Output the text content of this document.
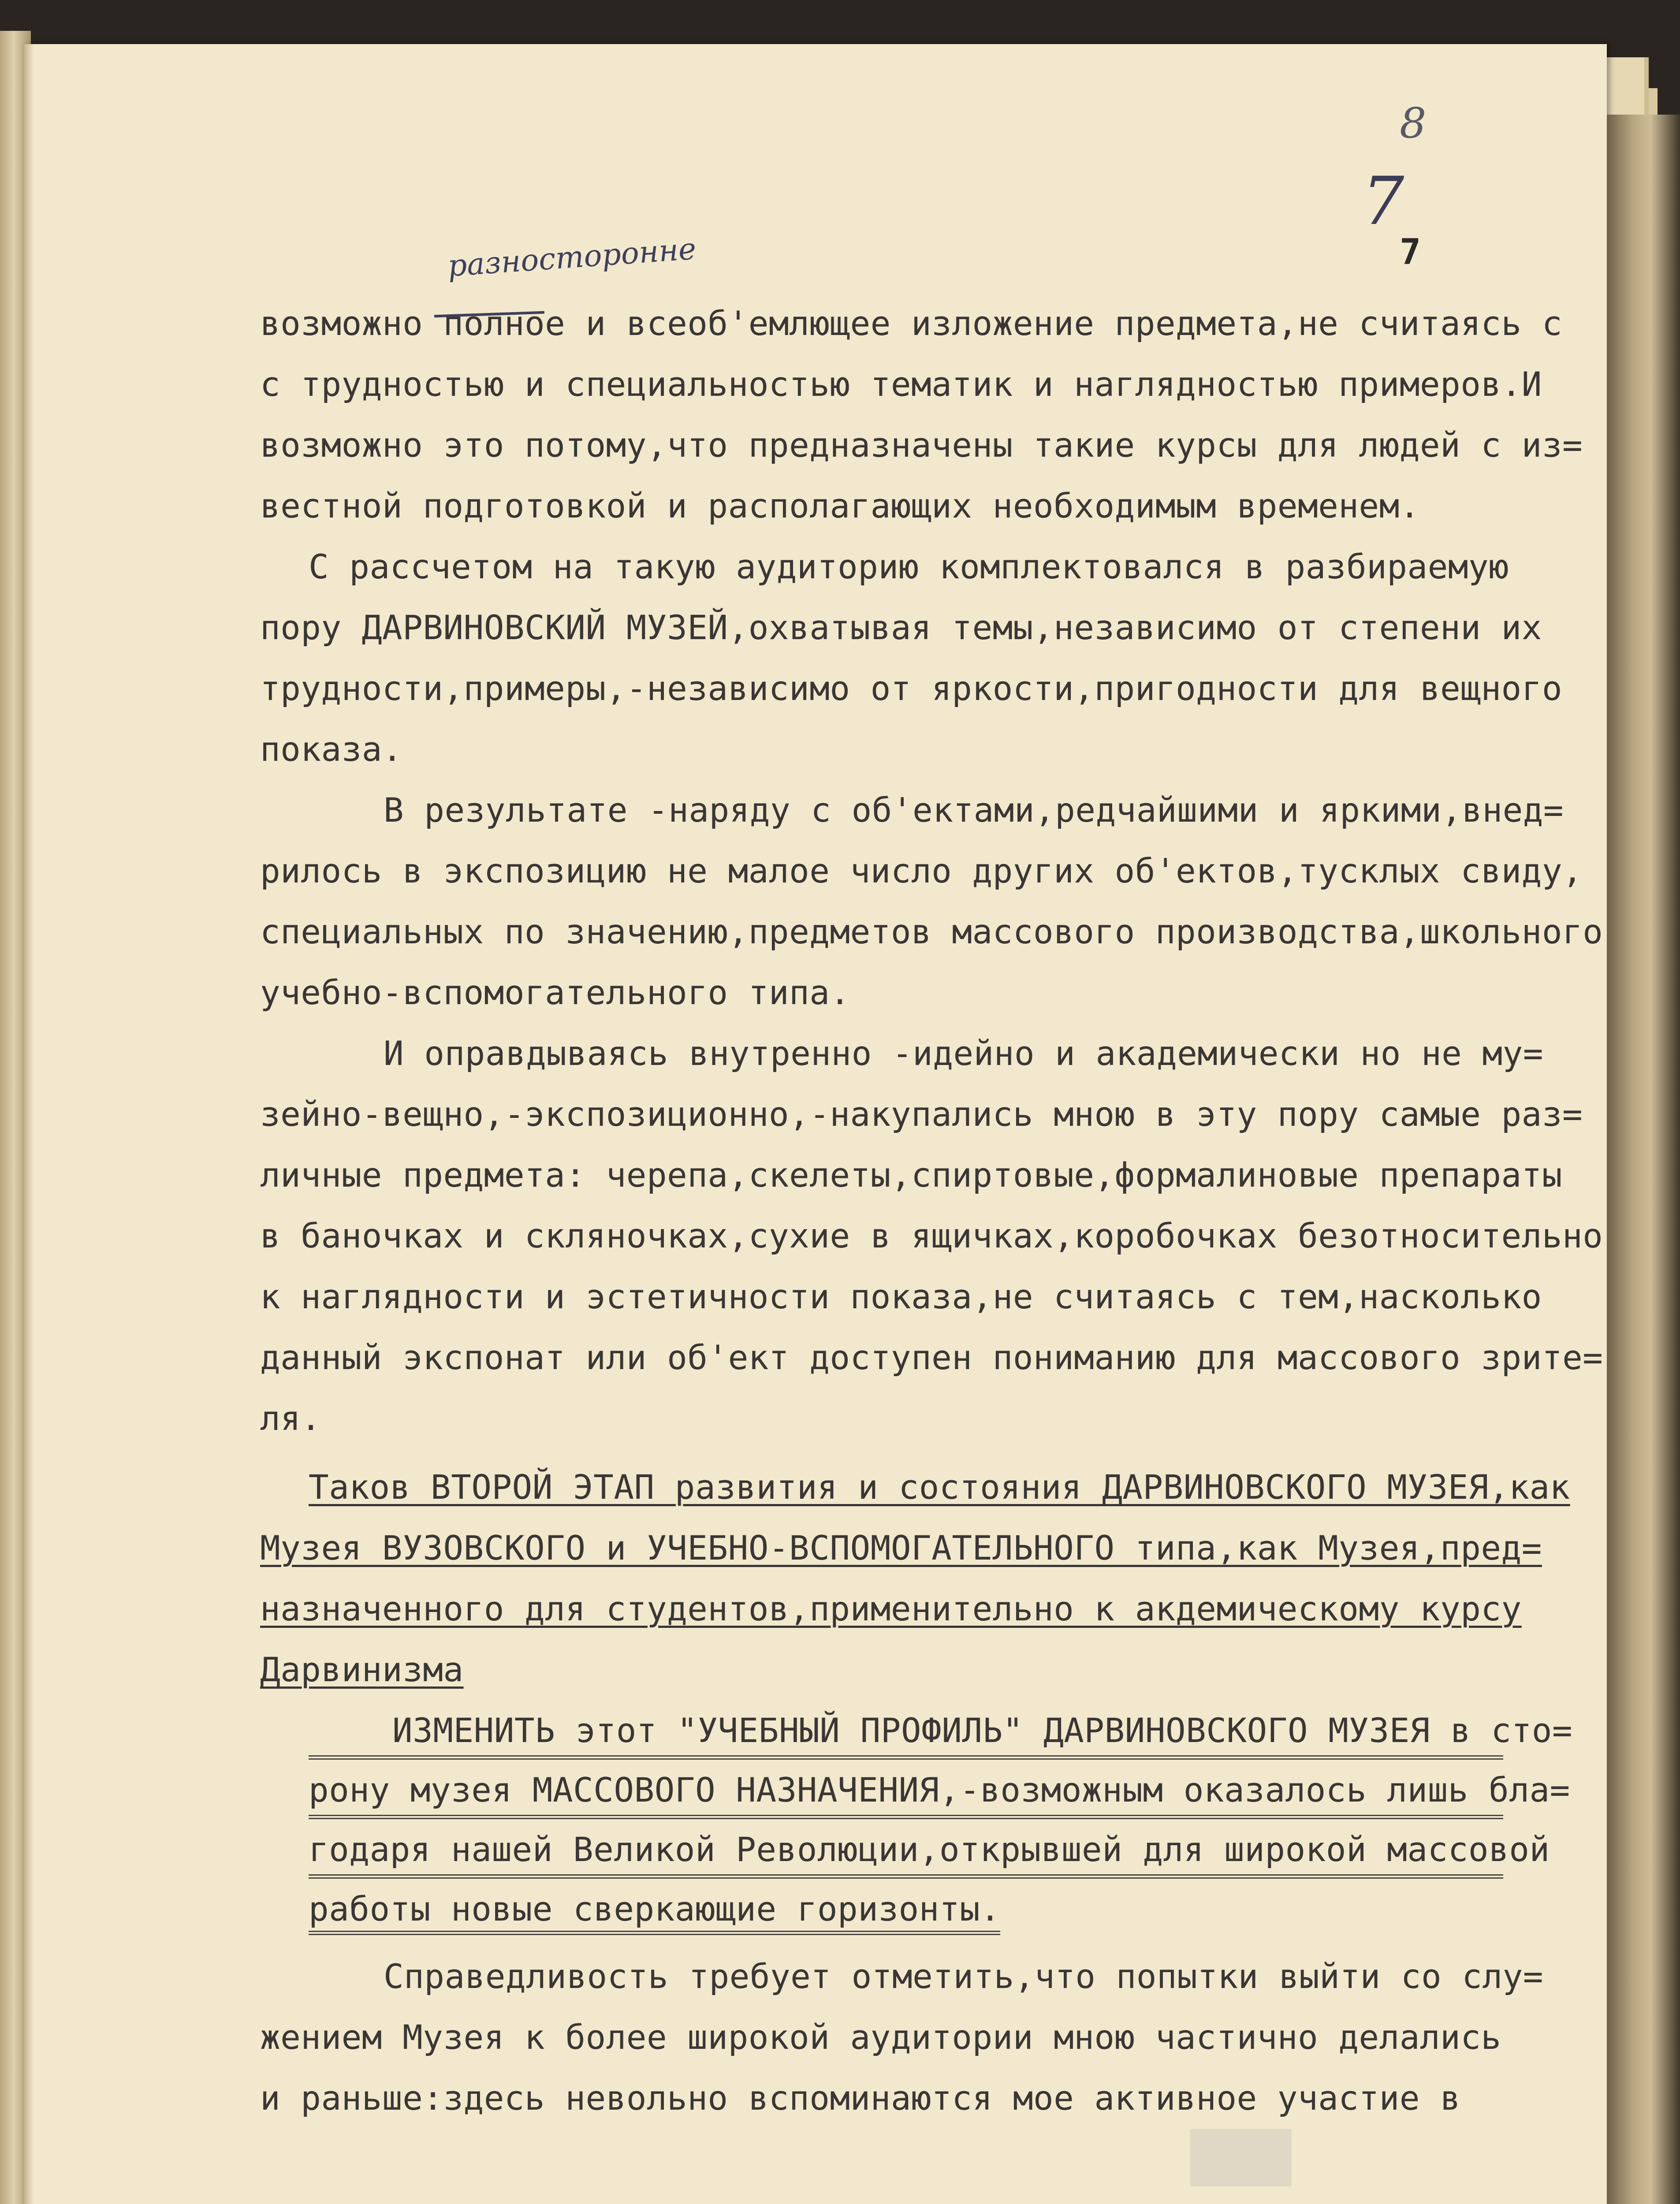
8
7
7
разносторонне
возможно полное и всеоб'емлющее изложение предмета,не считаясь с
с трудностью и специальностью тематик и наглядностью примеров.И
возможно это потому,что предназначены такие курсы для людей с из=
вестной подготовкой и располагающих необходимым временем.
С рассчетом на такую аудиторию комплектовался в разбираемую
пору ДАРВИНОВСКИЙ МУЗЕЙ,охватывая темы,независимо от степени их
трудности,примеры,-независимо от яркости,пригодности для вещного
показа.
В результате -наряду с об'ектами,редчайшими и яркими,внед=
рилось в экспозицию не малое число других об'ектов,тусклых свиду,
специальных по значению,предметов массового производства,школьного
учебно-вспомогательного типа.
И оправдываясь внутренно -идейно и академически но не му=
зейно-вещно,-экспозиционно,-накупались мною в эту пору самые раз=
личные предмета: черепа,скелеты,спиртовые,формалиновые препараты
в баночках и скляночках,сухие в ящичках,коробочках безотносительно
к наглядности и эстетичности показа,не считаясь с тем,насколько
данный экспонат или об'ект доступен пониманию для массового зрите=
ля.
Таков ВТОРОЙ ЭТАП развития и состояния ДАРВИНОВСКОГО МУЗЕЯ,как
Музея ВУЗОВСКОГО и УЧЕБНО-ВСПОМОГАТЕЛЬНОГО типа,как Музея,пред=
назначенного для студентов,применительно к акдемическому курсу
Дарвинизма
ИЗМЕНИТЬ этот "УЧЕБНЫЙ ПРОФИЛЬ" ДАРВИНОВСКОГО МУЗЕЯ в сто=
рону музея МАССОВОГО НАЗНАЧЕНИЯ,-возможным оказалось лишь бла=
годаря нашей Великой Революции,открывшей для широкой массовой
работы новые сверкающие горизонты.
Справедливость требует отметить,что попытки выйти со слу=
жением Музея к более широкой аудитории мною частично делались
и раньше:здесь невольно вспоминаются мое активное участие в
